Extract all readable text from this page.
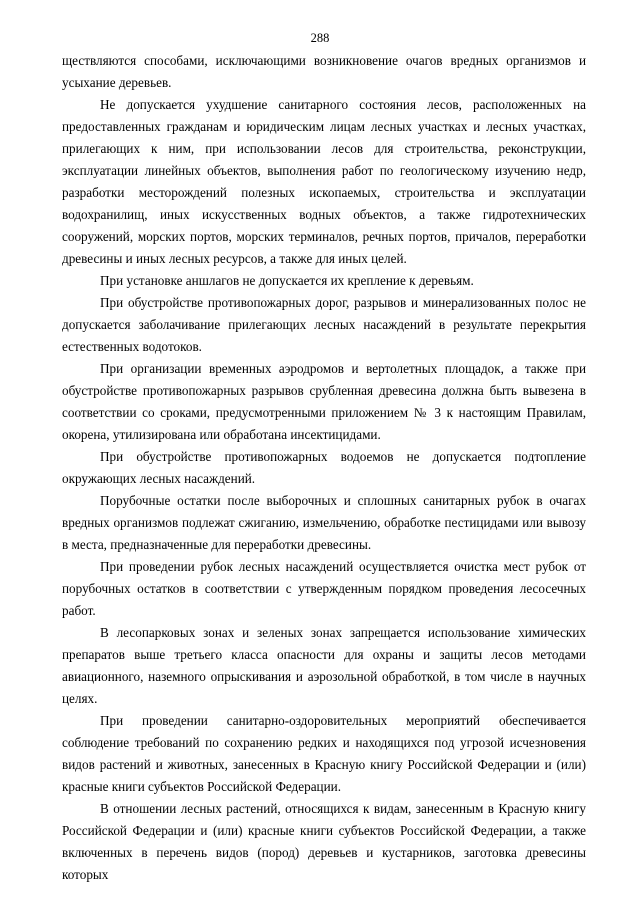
288

ществляются способами, исключающими возникновение очагов вредных организмов и усыхание деревьев.

Не допускается ухудшение санитарного состояния лесов, расположенных на предоставленных гражданам и юридическим лицам лесных участках и лесных участках, прилегающих к ним, при использовании лесов для строительства, реконструкции, эксплуатации линейных объектов, выполнения работ по геологическому изучению недр, разработки месторождений полезных ископаемых, строительства и эксплуатации водохранилищ, иных искусственных водных объектов, а также гидротехнических сооружений, морских портов, морских терминалов, речных портов, причалов, переработки древесины и иных лесных ресурсов, а также для иных целей.

При установке аншлагов не допускается их крепление к деревьям.

При обустройстве противопожарных дорог, разрывов и минерализованных полос не допускается заболачивание прилегающих лесных насаждений в результате перекрытия естественных водотоков.

При организации временных аэродромов и вертолетных площадок, а также при обустройстве противопожарных разрывов срубленная древесина должна быть вывезена в соответствии со сроками, предусмотренными приложением № 3 к настоящим Правилам, окорена, утилизирована или обработана инсектицидами.

При обустройстве противопожарных водоемов не допускается подтопление окружающих лесных насаждений.

Порубочные остатки после выборочных и сплошных санитарных рубок в очагах вредных организмов подлежат сжиганию, измельчению, обработке пестицидами или вывозу в места, предназначенные для переработки древесины.

При проведении рубок лесных насаждений осуществляется очистка мест рубок от порубочных остатков в соответствии с утвержденным порядком проведения лесосечных работ.

В лесопарковых зонах и зеленых зонах запрещается использование химических препаратов выше третьего класса опасности для охраны и защиты лесов методами авиационного, наземного опрыскивания и аэрозольной обработкой, в том числе в научных целях.

При проведении санитарно-оздоровительных мероприятий обеспечивается соблюдение требований по сохранению редких и находящихся под угрозой исчезновения видов растений и животных, занесенных в Красную книгу Российской Федерации и (или) красные книги субъектов Российской Федерации.

В отношении лесных растений, относящихся к видам, занесенным в Красную книгу Российской Федерации и (или) красные книги субъектов Российской Федерации, а также включенных в перечень видов (пород) деревьев и кустарников, заготовка древесины которых
